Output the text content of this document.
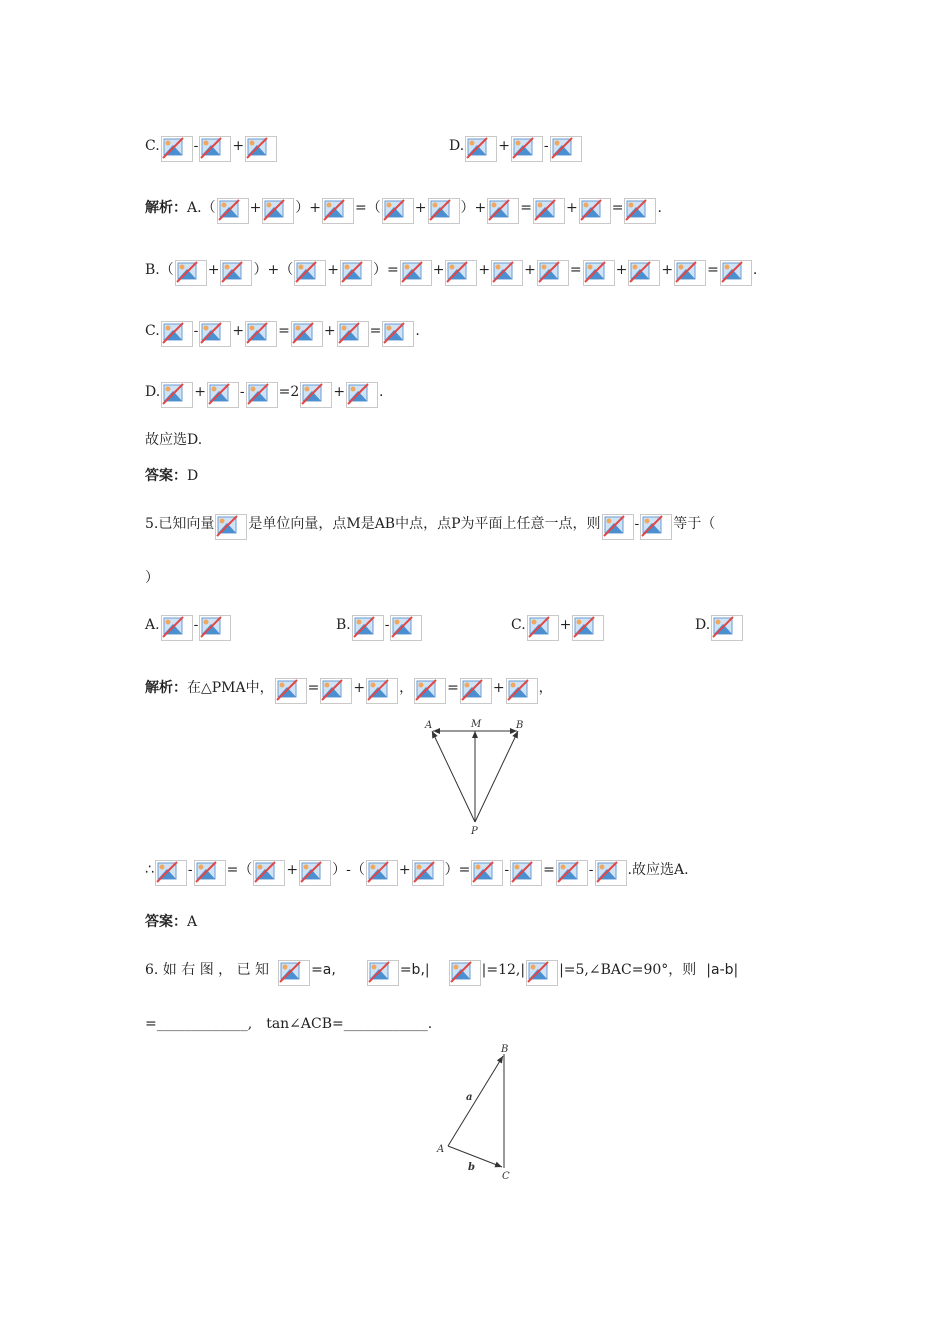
C. - +	D. + -
解析： A. （ + ） + = （ + ） + = + = .
B. （ + ） + （ + ） = + + + = + + = .
C. - + = + = .
D. + - = 2 + .
故应选D.
答案： D
5.已知向量 是单位向量，点M是AB中点，点P为平面上任意一点，则 - 等于（
）
A. -	B. -	C. +	D.
解析： 在△PMA中， = + ， = + ，
A	M	B
P
∴ - = （ + ） - （ + ） = - = - .故应选A.
答案： A
6. 如 右 图 ， 已 知	=a,	=b, |	|=12, | |=5,∠BAC=90°，则 | a-b |
=_____________, tan∠ACB=____________.
B
A
C
a
b
